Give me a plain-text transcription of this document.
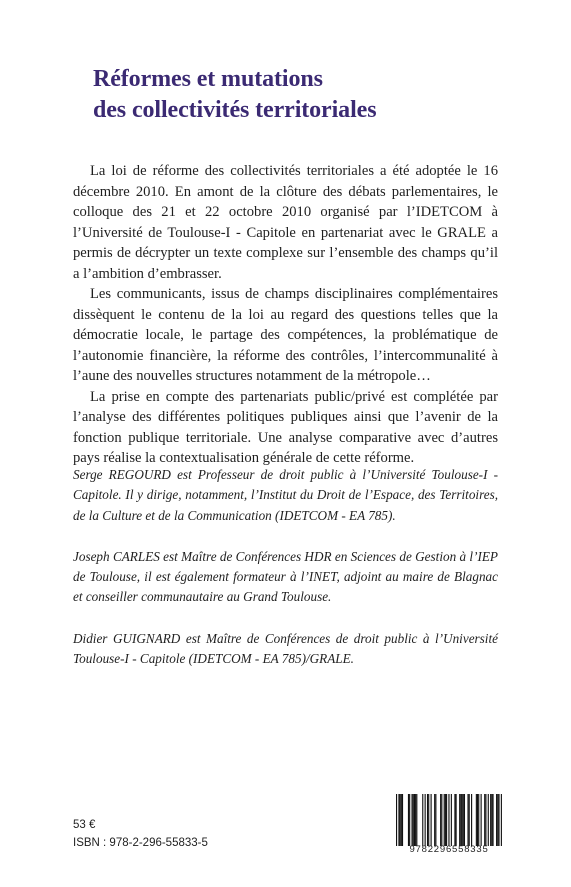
Réformes et mutations
des collectivités territoriales

La loi de réforme des collectivités territoriales a été adoptée le 16 décembre 2010. En amont de la clôture des débats parlementaires, le colloque des 21 et 22 octobre 2010 organisé par l’IDETCOM à l’Université de Toulouse-I - Capitole en partenariat avec le GRALE a permis de décrypter un texte complexe sur l’ensemble des champs qu’il a l’ambition d’embrasser.

Les communicants, issus de champs disciplinaires complémentaires dissèquent le contenu de la loi au regard des questions telles que la démocratie locale, le partage des compétences, la problématique de l’autonomie financière, la réforme des contrôles, l’intercommunalité à l’aune des nouvelles structures notamment de la métropole…

La prise en compte des partenariats public/privé est complétée par l’analyse des différentes politiques publiques ainsi que l’avenir de la fonction publique territoriale. Une analyse comparative avec d’autres pays réalise la contextualisation générale de cette réforme.

Serge REGOURD est Professeur de droit public à l’Université Toulouse-I - Capitole. Il y dirige, notamment, l’Institut du Droit de l’Espace, des Territoires, de la Culture et de la Communication (IDETCOM - EA 785).

Joseph CARLES est Maître de Conférences HDR en Sciences de Gestion à l’IEP de Toulouse, il est également formateur à l’INET, adjoint au maire de Blagnac et conseiller communautaire au Grand Toulouse.

Didier GUIGNARD est Maître de Conférences de droit public à l’Université Toulouse-I - Capitole (IDETCOM - EA 785)/GRALE.

53 €
ISBN : 978-2-296-55833-5
9782296558335
